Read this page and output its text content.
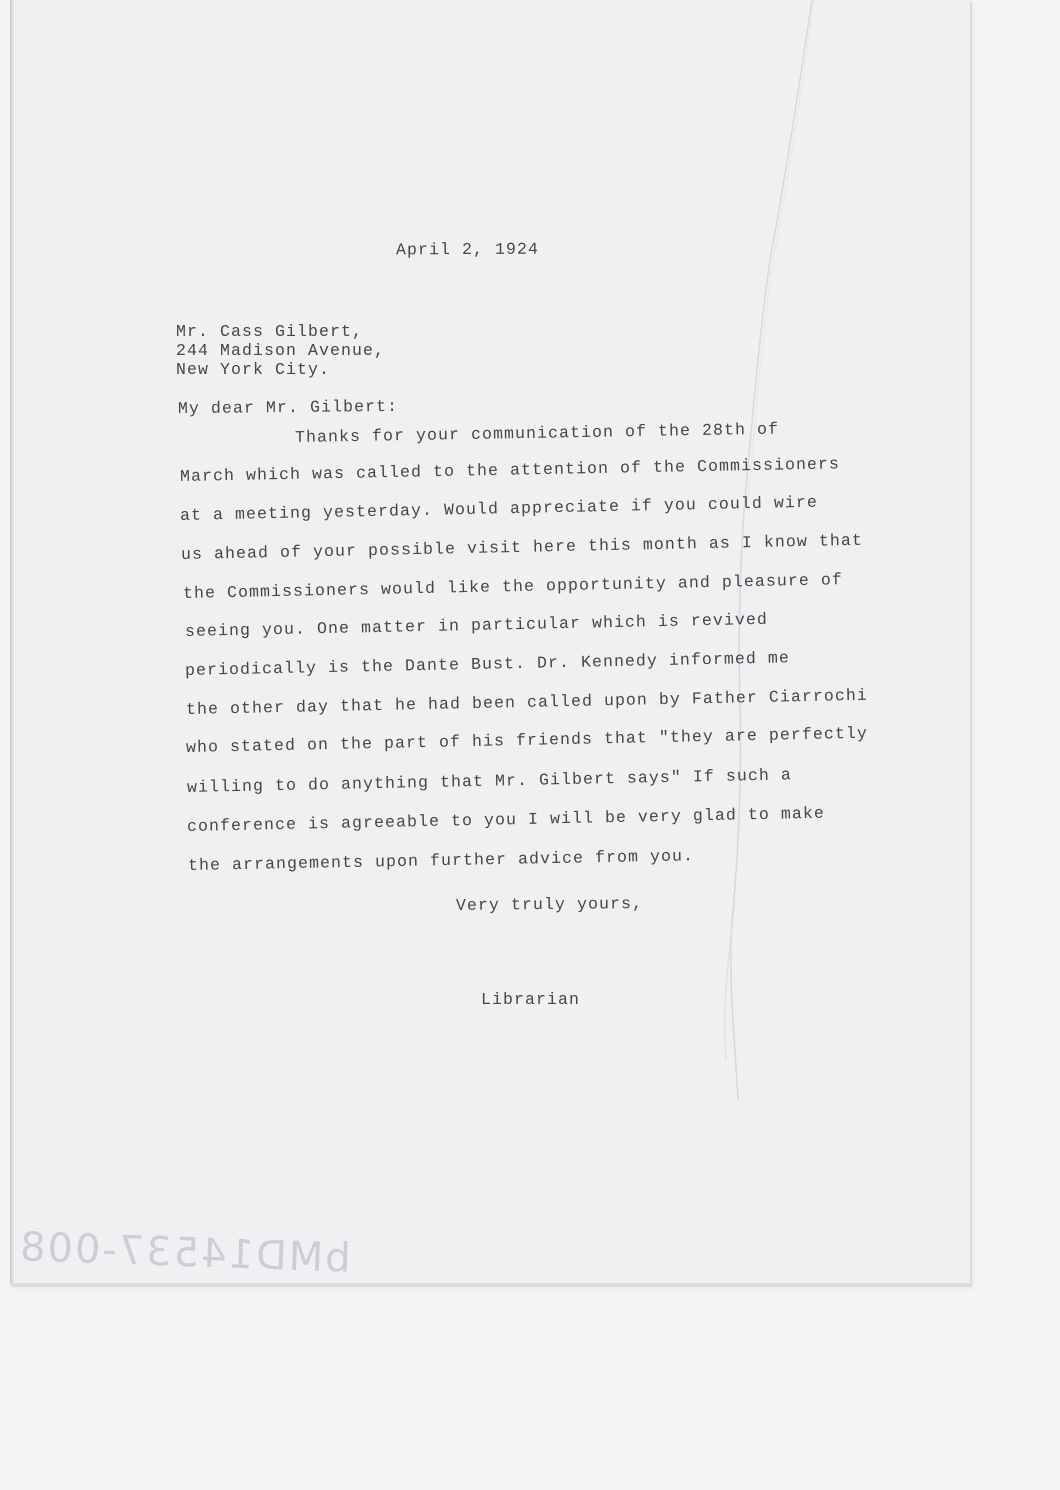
April 2, 1924
Mr. Cass Gilbert,
244 Madison Avenue,
New York City.
My dear Mr. Gilbert:
Thanks for your communication of the 28th of
March which was called to the attention of the Commissioners
at a meeting yesterday. Would appreciate if you could wire
us ahead of your possible visit here this month as I know that
the Commissioners would like the opportunity and pleasure of
seeing you. One matter in particular which is revived
periodically is the Dante Bust. Dr. Kennedy informed me
the other day that he had been called upon by Father Ciarrochi
who stated on the part of his friends that "they are perfectly
willing to do anything that Mr. Gilbert says" If such a
conference is agreeable to you I will be very glad to make
the arrangements upon further advice from you.
Very truly yours,
Librarian
bMD14537-008
